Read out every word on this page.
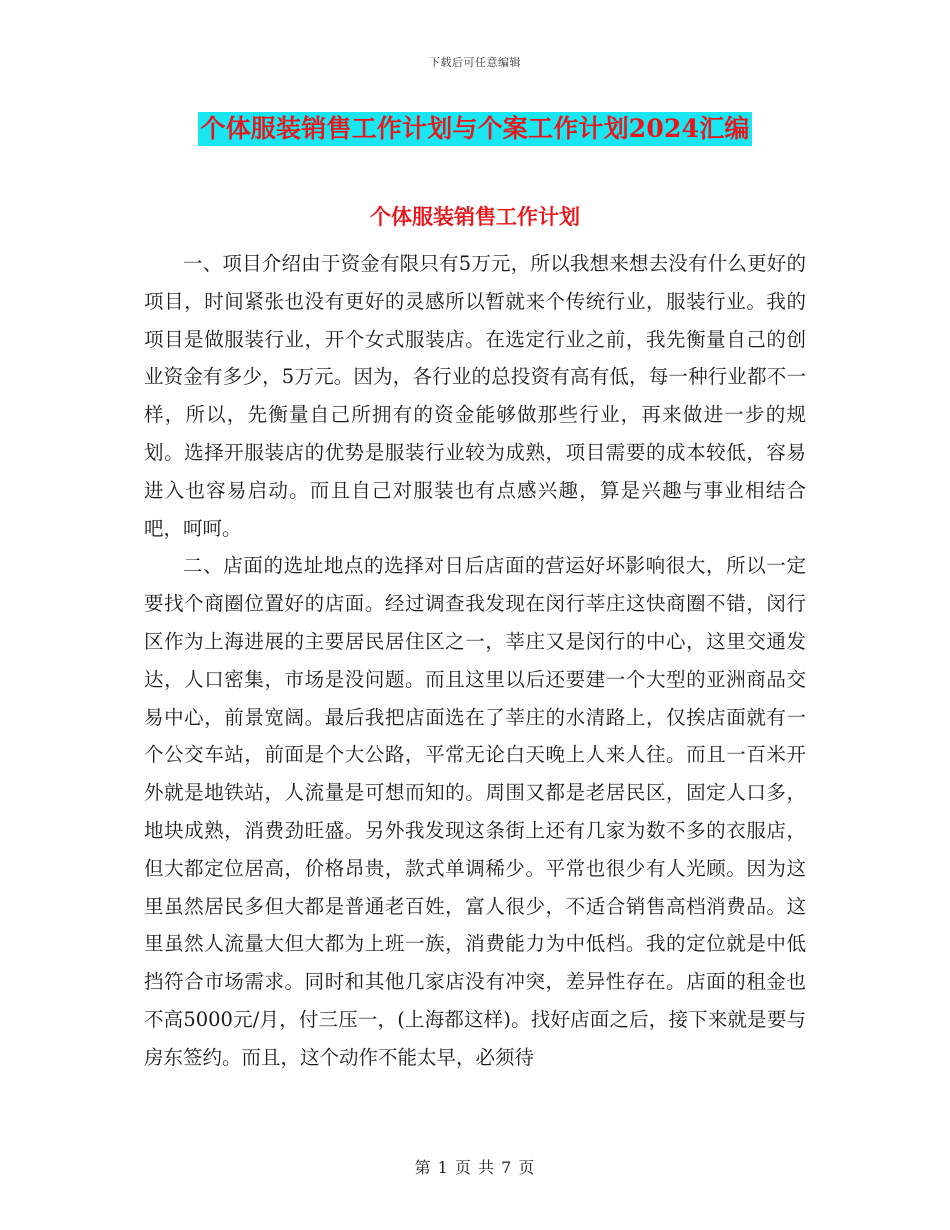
下载后可任意编辑
个体服装销售工作计划与个案工作计划2024汇编
个体服装销售工作计划

一、项目介绍由于资金有限只有5万元，所以我想来想去没有什么更好的项目，时间紧张也没有更好的灵感所以暂就来个传统行业，服装行业。我的项目是做服装行业，开个女式服装店。在选定行业之前，我先衡量自己的创业资金有多少，5万元。因为，各行业的总投资有高有低，每一种行业都不一样，所以，先衡量自己所拥有的资金能够做那些行业，再来做进一步的规划。选择开服装店的优势是服装行业较为成熟，项目需要的成本较低，容易进入也容易启动。而且自己对服装也有点感兴趣，算是兴趣与事业相结合吧，呵呵。

二、店面的选址地点的选择对日后店面的营运好坏影响很大，所以一定要找个商圈位置好的店面。经过调查我发现在闵行莘庄这快商圈不错，闵行区作为上海进展的主要居民居住区之一，莘庄又是闵行的中心，这里交通发达，人口密集，市场是没问题。而且这里以后还要建一个大型的亚洲商品交易中心，前景宽阔。最后我把店面选在了莘庄的水清路上，仅挨店面就有一个公交车站，前面是个大公路，平常无论白天晚上人来人往。而且一百米开外就是地铁站，人流量是可想而知的。周围又都是老居民区，固定人口多，地块成熟，消费劲旺盛。另外我发现这条街上还有几家为数不多的衣服店，但大都定位居高，价格昂贵，款式单调稀少。平常也很少有人光顾。因为这里虽然居民多但大都是普通老百姓，富人很少，不适合销售高档消费品。这里虽然人流量大但大都为上班一族，消费能力为中低档。我的定位就是中低挡符合市场需求。同时和其他几家店没有冲突，差异性存在。店面的租金也不高5000元/月，付三压一，(上海都这样)。找好店面之后，接下来就是要与房东签约。而且，这个动作不能太早，必须待

第 1 页 共 7 页
